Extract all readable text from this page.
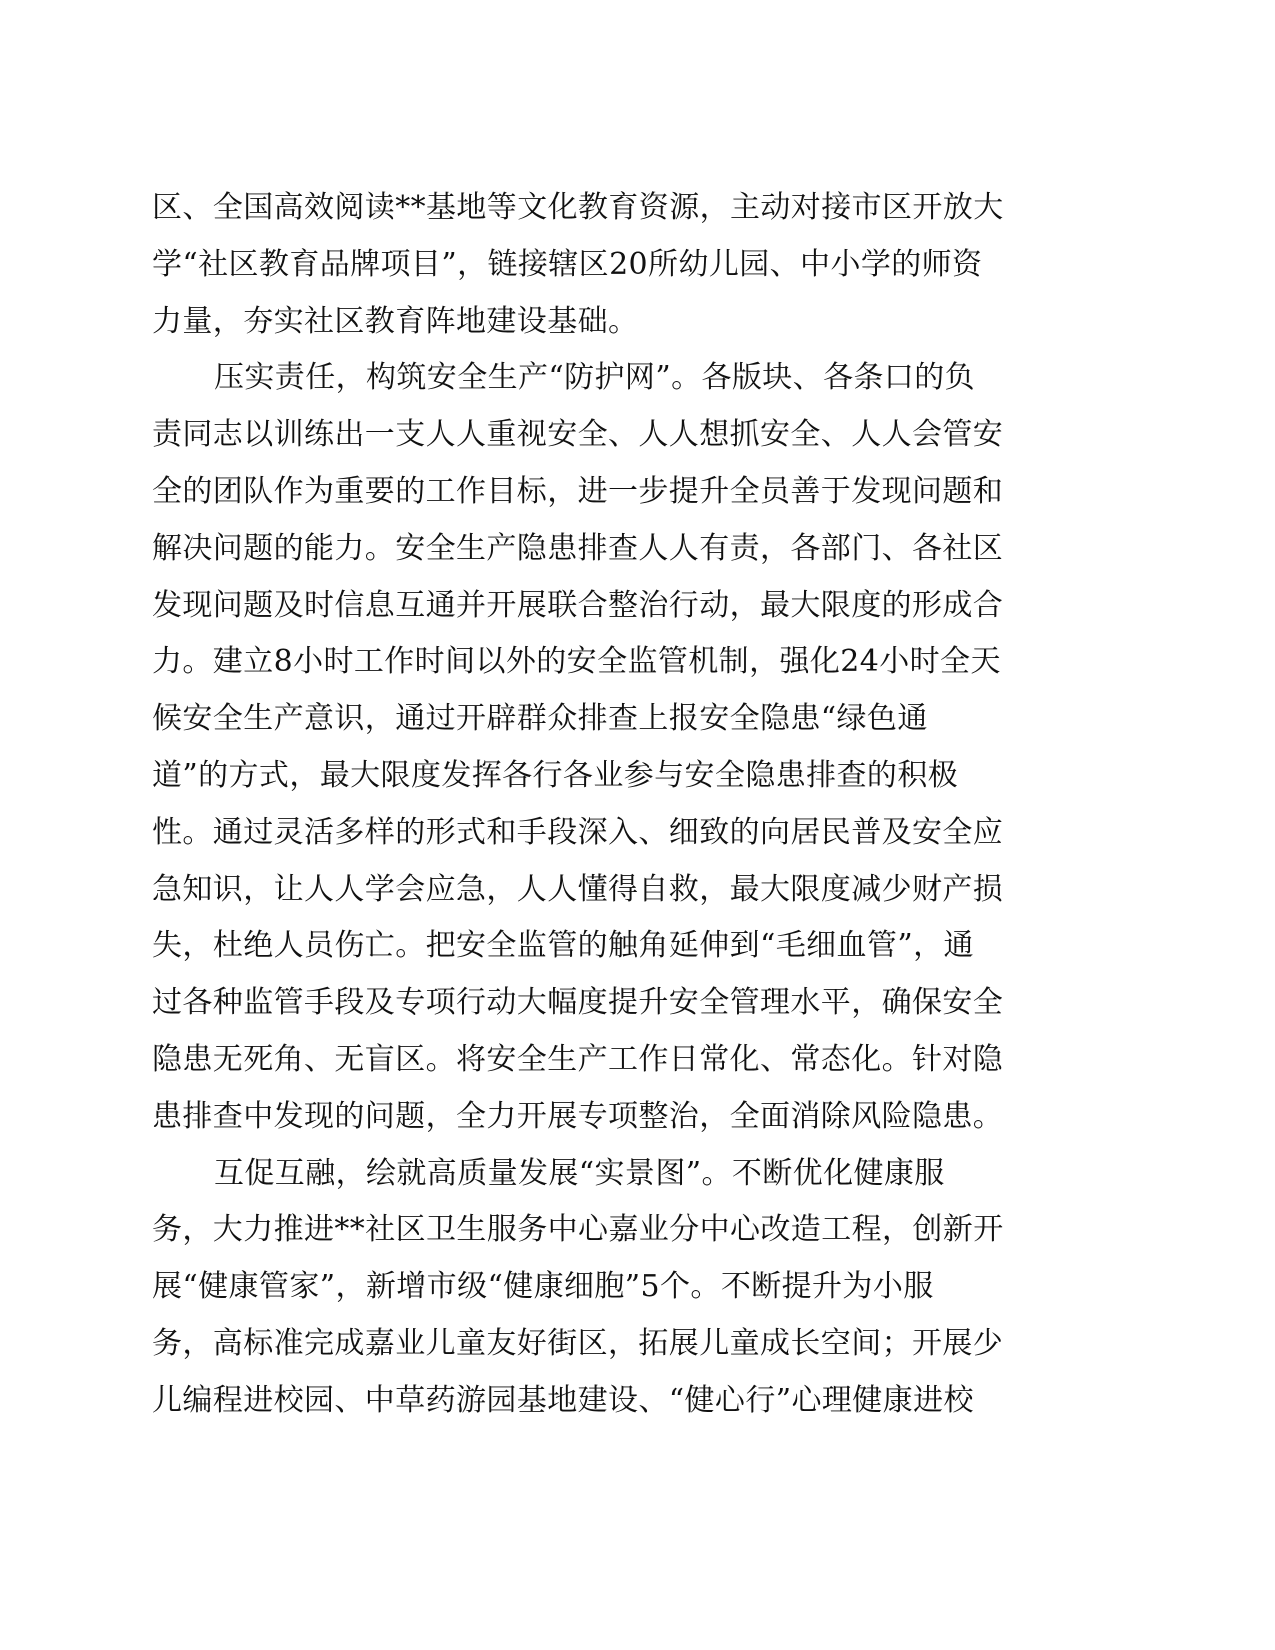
区、全国高效阅读**基地等文化教育资源，主动对接市区开放大
学“社区教育品牌项目”，链接辖区20所幼儿园、中小学的师资
力量，夯实社区教育阵地建设基础。
压实责任，构筑安全生产“防护网”。各版块、各条口的负
责同志以训练出一支人人重视安全、人人想抓安全、人人会管安
全的团队作为重要的工作目标，进一步提升全员善于发现问题和
解决问题的能力。安全生产隐患排查人人有责，各部门、各社区
发现问题及时信息互通并开展联合整治行动，最大限度的形成合
力。建立8小时工作时间以外的安全监管机制，强化24小时全天
候安全生产意识，通过开辟群众排查上报安全隐患“绿色通
道”的方式，最大限度发挥各行各业参与安全隐患排查的积极
性。通过灵活多样的形式和手段深入、细致的向居民普及安全应
急知识，让人人学会应急，人人懂得自救，最大限度减少财产损
失，杜绝人员伤亡。把安全监管的触角延伸到“毛细血管”，通
过各种监管手段及专项行动大幅度提升安全管理水平，确保安全
隐患无死角、无盲区。将安全生产工作日常化、常态化。针对隐
患排查中发现的问题，全力开展专项整治，全面消除风险隐患。
互促互融，绘就高质量发展“实景图”。不断优化健康服
务，大力推进**社区卫生服务中心嘉业分中心改造工程，创新开
展“健康管家”，新增市级“健康细胞”5个。不断提升为小服
务，高标准完成嘉业儿童友好街区，拓展儿童成长空间；开展少
儿编程进校园、中草药游园基地建设、“健心行”心理健康进校
